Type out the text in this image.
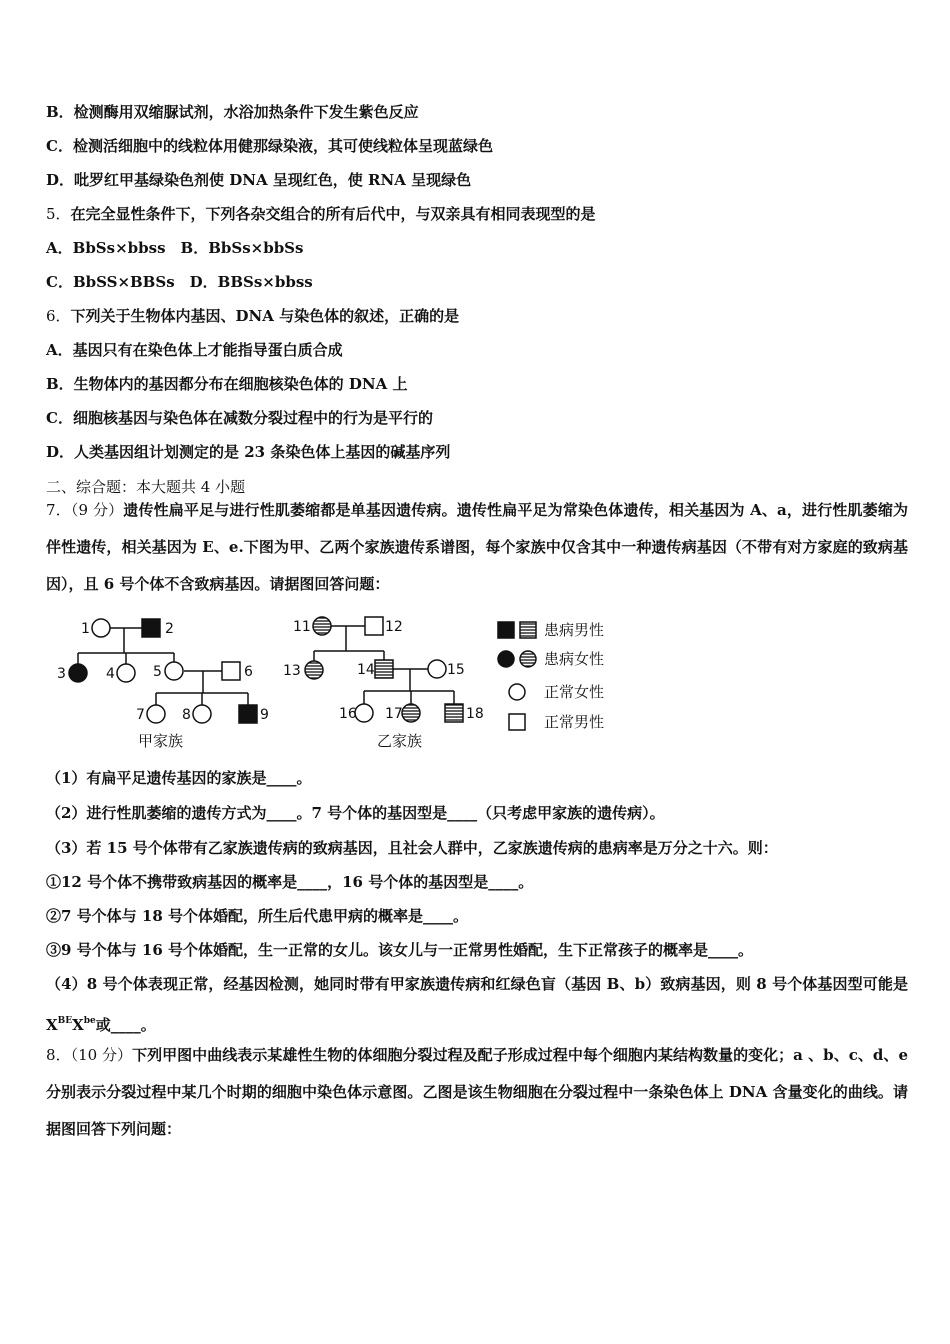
B．检测酶用双缩脲试剂，水浴加热条件下发生紫色反应
C．检测活细胞中的线粒体用健那绿染液，其可使线粒体呈现蓝绿色
D．吡罗红甲基绿染色剂使 DNA 呈现红色，使 RNA 呈现绿色
5．在完全显性条件下，下列各杂交组合的所有后代中，与双亲具有相同表现型的是
A．BbSs×bbss　B．BbSs×bbSs
C．BbSS×BBSs　D．BBSs×bbss
6．下列关于生物体内基因、DNA 与染色体的叙述，正确的是
A．基因只有在染色体上才能指导蛋白质合成
B．生物体内的基因都分布在细胞核染色体的 DNA 上
C．细胞核基因与染色体在减数分裂过程中的行为是平行的
D．人类基因组计划测定的是 23 条染色体上基因的碱基序列
二、综合题：本大题共 4 小题
7．（9 分）遗传性扁平足与进行性肌萎缩都是单基因遗传病。遗传性扁平足为常染色体遗传，相关基因为 A、a，进行性肌萎缩为伴性遗传，相关基因为 E、e.下图为甲、乙两个家族遗传系谱图，每个家族中仅含其中一种遗传病基因（不带有对方家庭的致病基因），且 6 号个体不含致病基因。请据图回答问题：
1	2
3	4	5	6
7	8	9
11	12
13	14	15
16 17	18
甲家族	乙家族
患病男性
患病女性
正常女性
正常男性
（1）有扁平足遗传基因的家族是____。
（2）进行性肌萎缩的遗传方式为____。7 号个体的基因型是____（只考虑甲家族的遗传病）。
（3）若 15 号个体带有乙家族遗传病的致病基因，且社会人群中，乙家族遗传病的患病率是万分之十六。则：
①12 号个体不携带致病基因的概率是____，16 号个体的基因型是____。
②7 号个体与 18 号个体婚配，所生后代患甲病的概率是____。
③9 号个体与 16 号个体婚配，生一正常的女儿。该女儿与一正常男性婚配，生下正常孩子的概率是____。
（4）8 号个体表现正常，经基因检测，她同时带有甲家族遗传病和红绿色盲（基因 B、b）致病基因，则 8 号个体基因型可能是 $X^{BE}X^{be}$或____。
8．（10 分）下列甲图中曲线表示某雄性生物的体细胞分裂过程及配子形成过程中每个细胞内某结构数量的变化；a 、b、c、d、e 分别表示分裂过程中某几个时期的细胞中染色体示意图。乙图是该生物细胞在分裂过程中一条染色体上 DNA 含量变化的曲线。请据图回答下列问题：
